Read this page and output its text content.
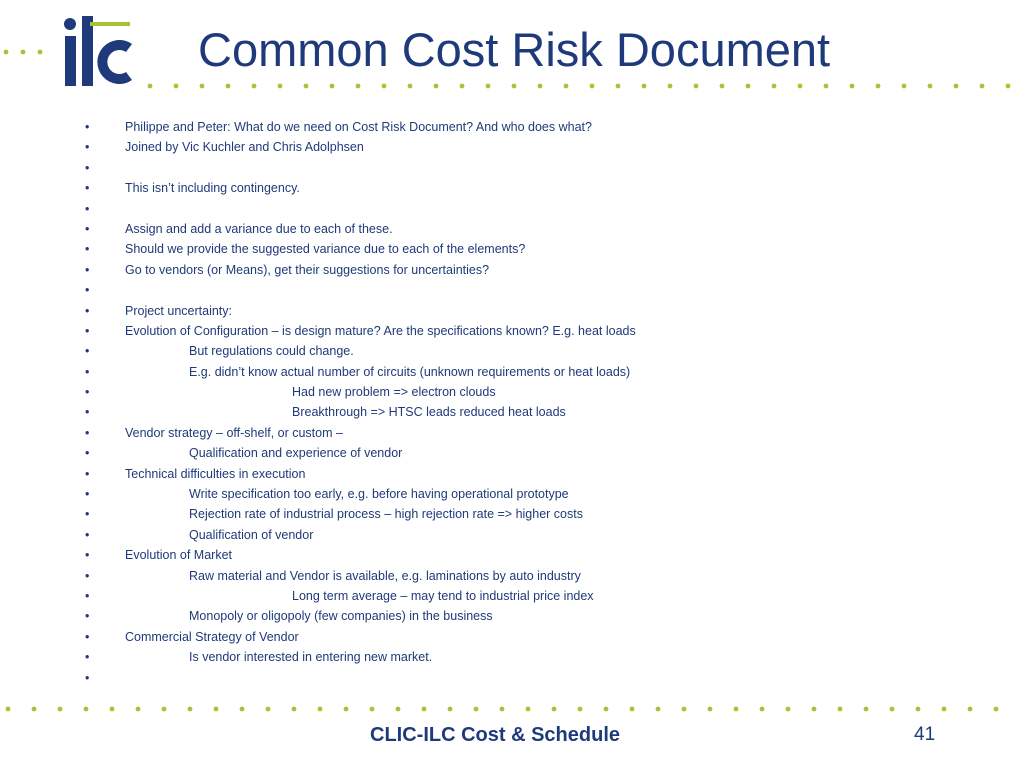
Common Cost Risk Document
•	Philippe and Peter: What do we need on Cost Risk Document? And who does what?
•	Joined by Vic Kuchler and Chris Adolphsen
•
•	This isn’t including contingency.
•
•	Assign and add a variance due to each of these.
•	Should we provide the suggested variance due to each of the elements?
•	Go to vendors (or Means), get their suggestions for uncertainties?
•
•	Project uncertainty:
•	Evolution of Configuration – is design mature? Are the specifications known? E.g. heat loads
•	But regulations could change.
•	E.g. didn’t know actual number of circuits (unknown requirements or heat loads)
•	Had new problem => electron clouds
•	Breakthrough => HTSC leads reduced heat loads
•	Vendor strategy – off-shelf, or custom –
•	Qualification and experience of vendor
•	Technical difficulties in execution
•	Write specification too early, e.g. before having operational prototype
•	Rejection rate of industrial process – high rejection rate => higher costs
•	Qualification of vendor
•	Evolution of Market
•	Raw material and Vendor is available, e.g. laminations by auto industry
•	Long term average – may tend to industrial price index
•	Monopoly or oligopoly (few companies) in the business
•	Commercial Strategy of Vendor
•	Is vendor interested in entering new market.
•
CLIC-ILC Cost & Schedule	41
